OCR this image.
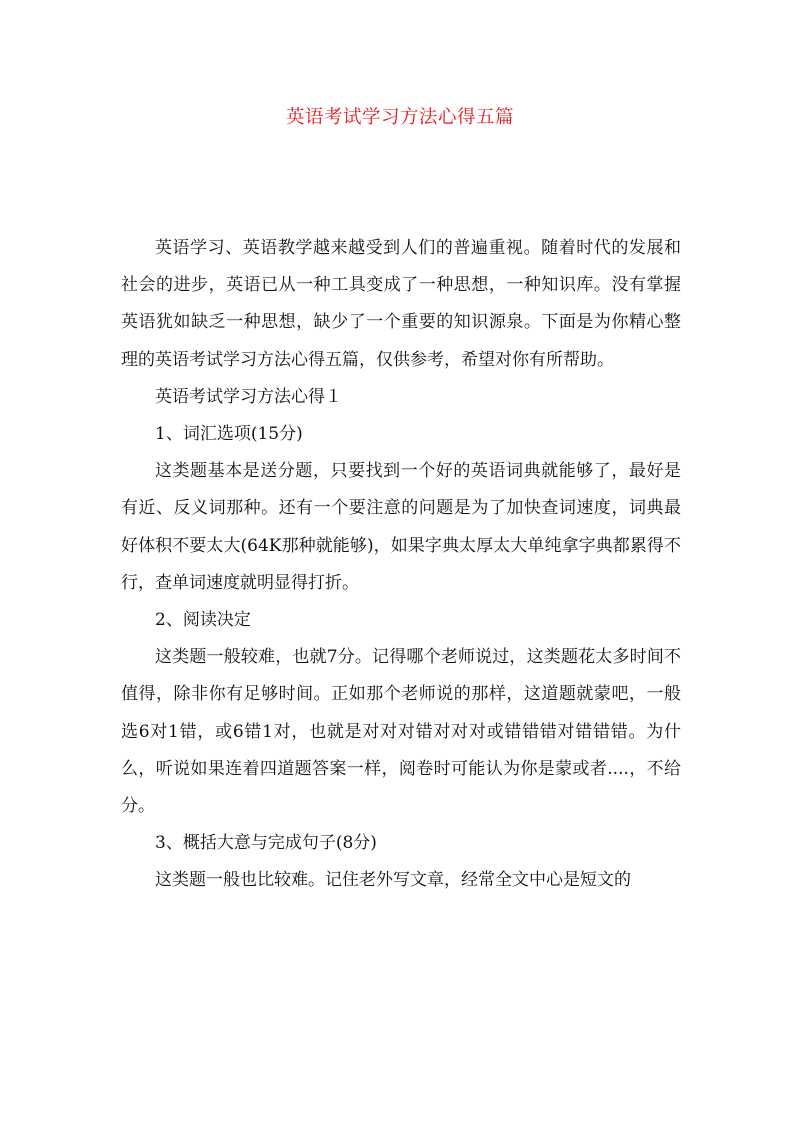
英语考试学习方法心得五篇

英语学习、英语教学越来越受到人们的普遍重视。随着时代的发展和社会的进步，英语已从一种工具变成了一种思想，一种知识库。没有掌握英语犹如缺乏一种思想，缺少了一个重要的知识源泉。下面是为你精心整理的英语考试学习方法心得五篇，仅供参考，希望对你有所帮助。

英语考试学习方法心得１

1、词汇选项(15分)

这类题基本是送分题，只要找到一个好的英语词典就能够了，最好是有近、反义词那种。还有一个要注意的问题是为了加快查词速度，词典最好体积不要太大(64K那种就能够)，如果字典太厚太大单纯拿字典都累得不行，查单词速度就明显得打折。

2、阅读决定

这类题一般较难，也就7分。记得哪个老师说过，这类题花太多时间不值得，除非你有足够时间。正如那个老师说的那样，这道题就蒙吧，一般选6对1错，或6错1对，也就是对对对错对对对或错错错对错错错。为什么，听说如果连着四道题答案一样，阅卷时可能认为你是蒙或者....，不给分。

3、概括大意与完成句子(8分)

这类题一般也比较难。记住老外写文章，经常全文中心是短文的
